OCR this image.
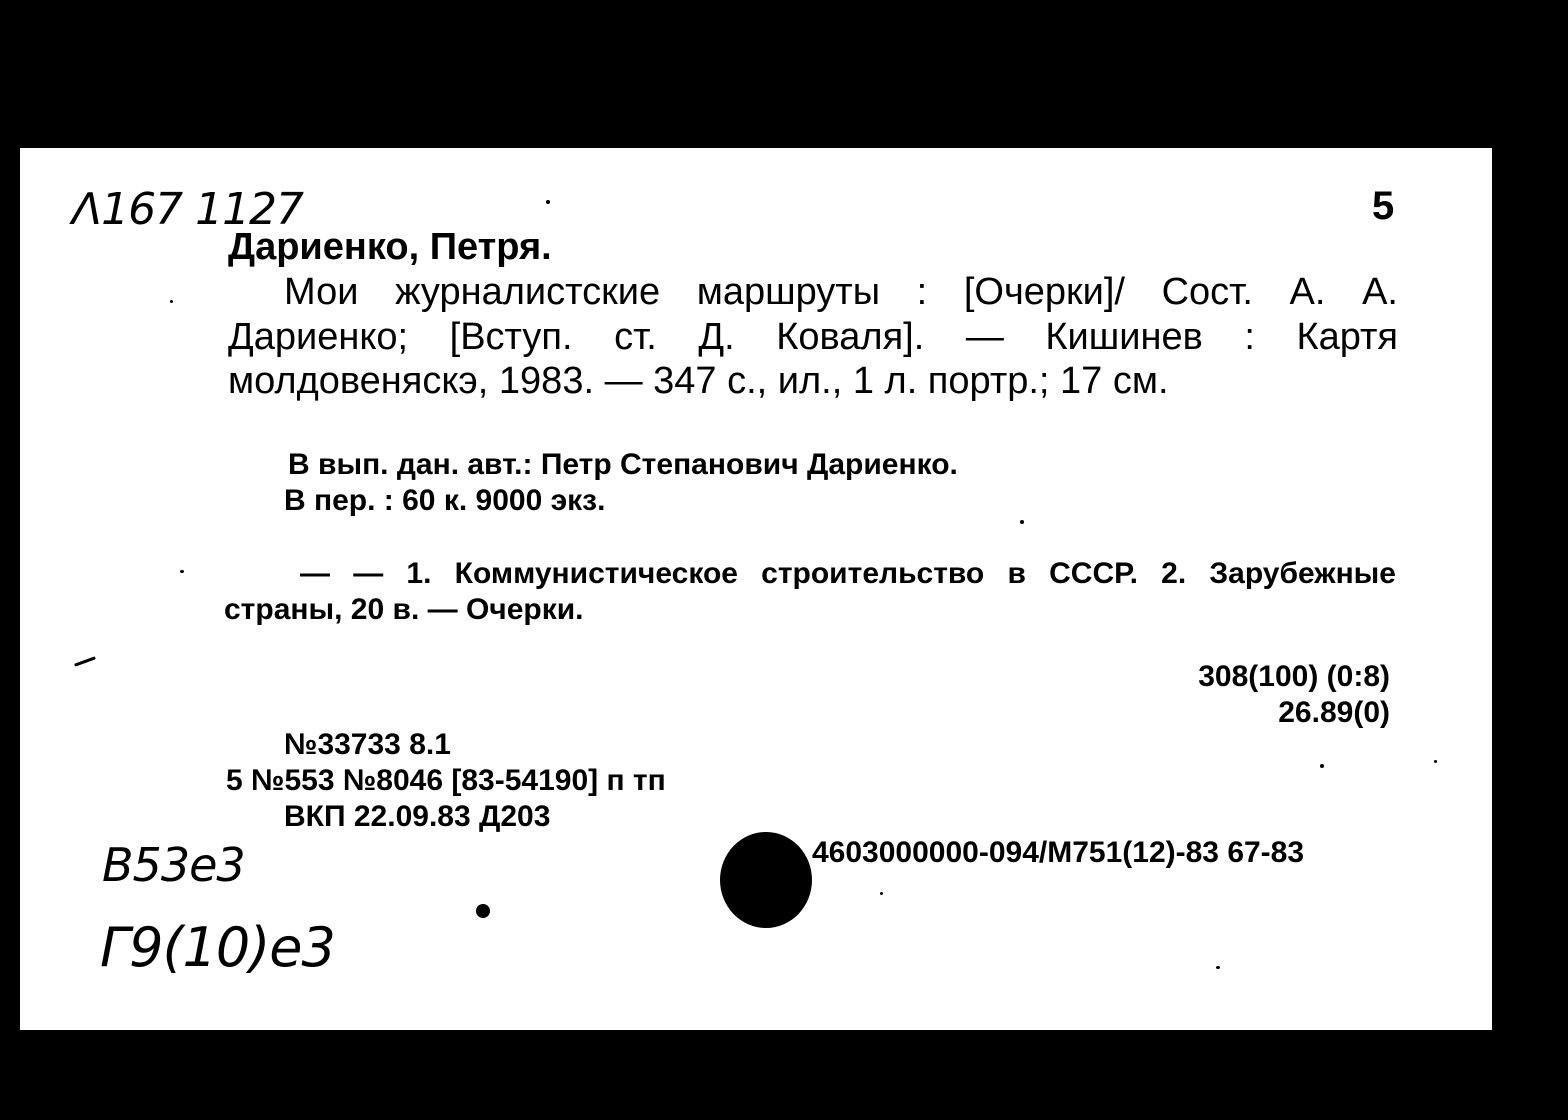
Λ167 1127	5
Дариенко, Петря.
Мои журналистские маршруты : [Очерки]/ Сост. А. А. Дариенко; [Вступ. ст. Д. Коваля]. — Кишинев : Картя молдовеняскэ, 1983. — 347 с., ил., 1 л. портр.; 17 см.
В вып. дан. авт.: Петр Степанович Дариенко.
В пер. : 60 к. 9000 экз.
— — 1. Коммунистическое строительство в СССР. 2. Зарубежные страны, 20 в. — Очерки.
308(100) (0:8)
26.89(0)
№33733 8.1
5 №553 №8046 [83-54190] п тп
ВКП 22.09.83 Д203
4603000000-094/М751(12)-83 67-83
В53е3
Г9(10)е3
